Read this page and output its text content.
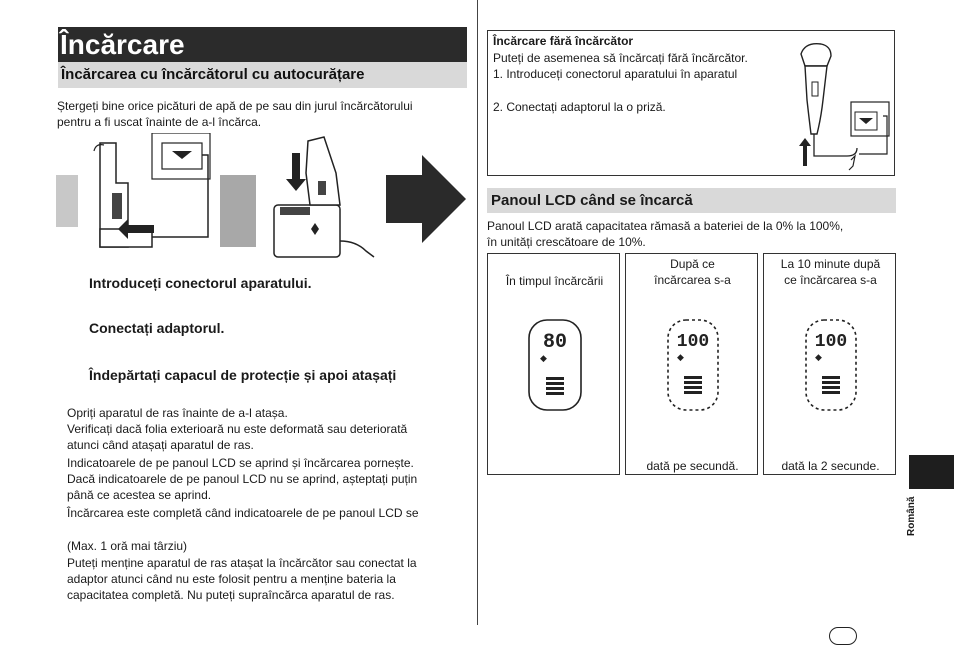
Încărcare
Încărcarea cu încărcătorul cu autocurățare
Ștergeți bine orice picături de apă de pe sau din jurul încărcătorului
pentru a fi uscat înainte de a-l încărca.
Introduceți conectorul aparatului.
Conectați adaptorul.
Îndepărtați capacul de protecție și apoi atașați
Opriți aparatul de ras înainte de a-l atașa.
Verificați dacă folia exterioară nu este deformată sau deteriorată
atunci când atașați aparatul de ras.
Indicatoarele de pe panoul LCD se aprind și încărcarea pornește.
Dacă indicatoarele de pe panoul LCD nu se aprind, așteptați puțin
până ce acestea se aprind.
Încărcarea este completă când indicatoarele de pe panoul LCD se
(Max. 1 oră mai târziu)
Puteți menține aparatul de ras atașat la încărcător sau conectat la
adaptor atunci când nu este folosit pentru a menține bateria la
capacitatea completă. Nu puteți supraîncărca aparatul de ras.
Încărcare fără încărcător
Puteți de asemenea să încărcați fără încărcător.
1. Introduceți conectorul aparatului în aparatul
2. Conectați adaptorul la o priză.
Panoul LCD când se încarcă
Panoul LCD arată capacitatea rămasă a bateriei de la 0% la 100%,
în unități crescătoare de 10%.
În timpul încărcării
80
◆
După ce
încărcarea s-a
100
◆
dată pe secundă.
La 10 minute după
ce încărcarea s-a
100
◆
dată la 2 secunde.
Română
